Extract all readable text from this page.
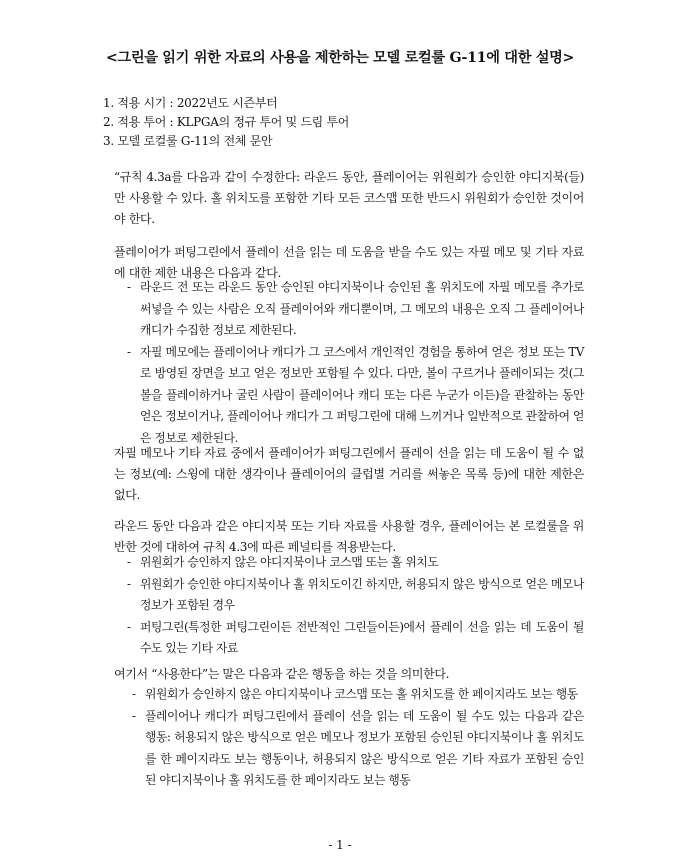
<그린을 읽기 위한 자료의 사용을 제한하는 모델 로컬룰 G-11에 대한 설명>
1. 적용 시기 : 2022년도 시즌부터
2. 적용 투어 : KLPGA의 정규 투어 및 드림 투어
3. 모델 로컬룰 G-11의 전체 문안
“규칙 4.3a를 다음과 같이 수정한다: 라운드 동안, 플레이어는 위원회가 승인한 야디지북(들)만 사용할 수 있다. 홀 위치도를 포함한 기타 모든 코스맵 또한 반드시 위원회가 승인한 것이어야 한다.
플레이어가 퍼팅그린에서 플레이 선을 읽는 데 도움을 받을 수도 있는 자필 메모 및 기타 자료에 대한 제한 내용은 다음과 같다.
- 라운드 전 또는 라운드 동안 승인된 야디지북이나 승인된 홀 위치도에 자필 메모를 추가로 써넣을 수 있는 사람은 오직 플레이어와 캐디뿐이며, 그 메모의 내용은 오직 그 플레이어나 캐디가 수집한 정보로 제한된다.
- 자필 메모에는 플레이어나 캐디가 그 코스에서 개인적인 경험을 통하여 얻은 정보 또는 TV로 방영된 장면을 보고 얻은 정보만 포함될 수 있다. 다만, 볼이 구르거나 플레이되는 것(그 볼을 플레이하거나 굴린 사람이 플레이어나 캐디 또는 다른 누군가 이든)을 관찰하는 동안 얻은 정보이거나, 플레이어나 캐디가 그 퍼팅그린에 대해 느끼거나 일반적으로 관찰하여 얻은 정보로 제한된다.
자필 메모나 기타 자료 중에서 플레이어가 퍼팅그린에서 플레이 선을 읽는 데 도움이 될 수 없는 정보(예: 스윙에 대한 생각이나 플레이어의 클럽별 거리를 써놓은 목록 등)에 대한 제한은 없다.
라운드 동안 다음과 같은 야디지북 또는 기타 자료를 사용할 경우, 플레이어는 본 로컬룰을 위반한 것에 대하여 규칙 4.3에 따른 페널티를 적용받는다.
- 위원회가 승인하지 않은 야디지북이나 코스맵 또는 홀 위치도
- 위원회가 승인한 야디지북이나 홀 위치도이긴 하지만, 허용되지 않은 방식으로 얻은 메모나 정보가 포함된 경우
- 퍼팅그린(특정한 퍼팅그린이든 전반적인 그린들이든)에서 플레이 선을 읽는 데 도움이 될 수도 있는 기타 자료
여기서 “사용한다”는 말은 다음과 같은 행동을 하는 것을 의미한다.
- 위원회가 승인하지 않은 야디지북이나 코스맵 또는 홀 위치도를 한 페이지라도 보는 행동
- 플레이어나 캐디가 퍼팅그린에서 플레이 선을 읽는 데 도움이 될 수도 있는 다음과 같은 행동: 허용되지 않은 방식으로 얻은 메모나 정보가 포함된 승인된 야디지북이나 홀 위치도를 한 페이지라도 보는 행동이나, 허용되지 않은 방식으로 얻은 기타 자료가 포함된 승인된 야디지북이나 홀 위치도를 한 페이지라도 보는 행동
- 1 -
